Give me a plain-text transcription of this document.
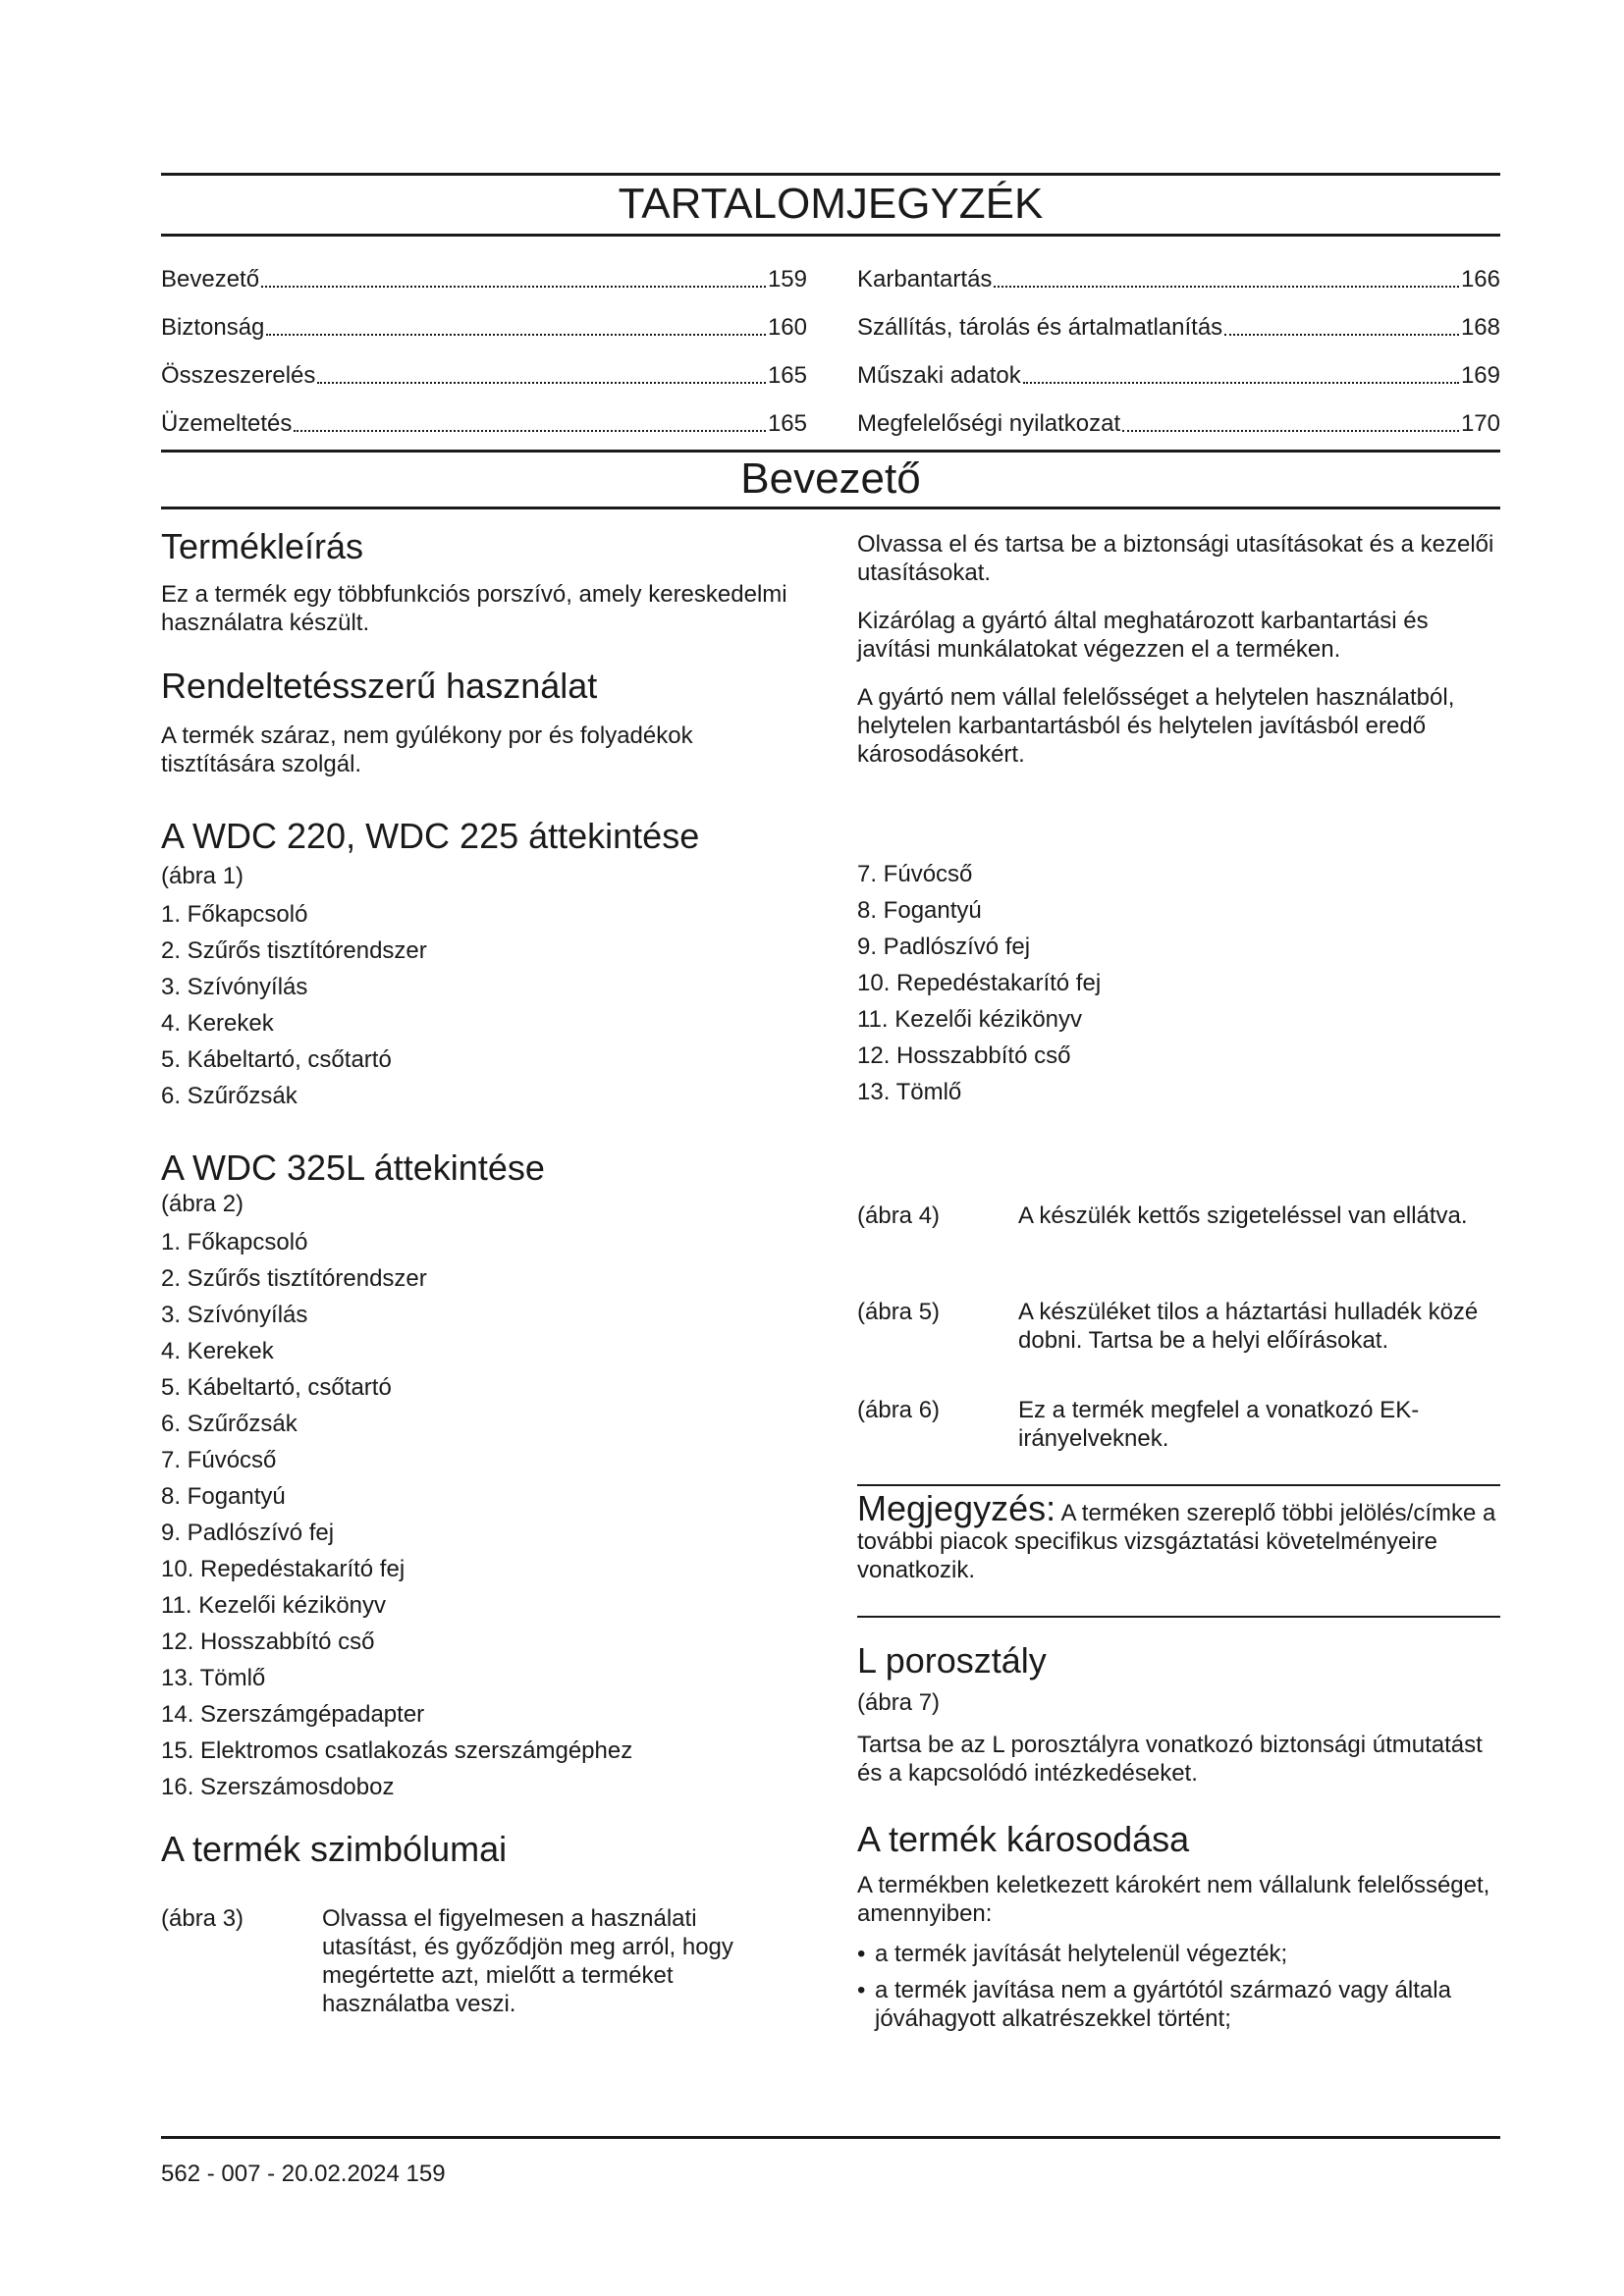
TARTALOMJEGYZÉK
Bevezető	159
Biztonság	160
Összeszerelés	165
Üzemeltetés	165
Karbantartás	166
Szállítás, tárolás és ártalmatlanítás	168
Műszaki adatok	169
Megfelelőségi nyilatkozat	170
Bevezető
Termékleírás

Ez a termék egy többfunkciós porszívó, amely kereskedelmi használatra készült.

Rendeltetésszerű használat

A termék száraz, nem gyúlékony por és folyadékok tisztítására szolgál.

A WDC 220, WDC 225 áttekintése

(ábra 1)

1. Főkapcsoló
2. Szűrős tisztítórendszer
3. Szívónyílás
4. Kerekek
5. Kábeltartó, csőtartó
6. Szűrőzsák
A WDC 325L áttekintése

(ábra 2)

1. Főkapcsoló
2. Szűrős tisztítórendszer
3. Szívónyílás
4. Kerekek
5. Kábeltartó, csőtartó
6. Szűrőzsák
7. Fúvócső
8. Fogantyú
9. Padlószívó fej
10. Repedéstakarító fej
11. Kezelői kézikönyv
12. Hosszabbító cső
13. Tömlő
14. Szerszámgépadapter
15. Elektromos csatlakozás szerszámgéphez
16. Szerszámosdoboz
A termék szimbólumai
(ábra 3)	Olvassa el figyelmesen a használati utasítást, és győződjön meg arról, hogy megértette azt, mielőtt a terméket használatba veszi.

Olvassa el és tartsa be a biztonsági utasításokat és a kezelői utasításokat.

Kizárólag a gyártó által meghatározott karbantartási és javítási munkálatokat végezzen el a terméken.

A gyártó nem vállal felelősséget a helytelen használatból, helytelen karbantartásból és helytelen javításból eredő károsodásokért.

7. Fúvócső
8. Fogantyú
9. Padlószívó fej
10. Repedéstakarító fej
11. Kezelői kézikönyv
12. Hosszabbító cső
13. Tömlő
(ábra 4)	A készülék kettős szigeteléssel van ellátva.
(ábra 5)	A készüléket tilos a háztartási hulladék közé dobni. Tartsa be a helyi előírásokat.
(ábra 6)	Ez a termék megfelel a vonatkozó EK-irányelveknek.

Megjegyzés: A terméken szereplő többi jelölés/címke a további piacok specifikus vizsgáztatási követelményeire vonatkozik.

L porosztály

(ábra 7)

Tartsa be az L porosztályra vonatkozó biztonsági útmutatást és a kapcsolódó intézkedéseket.

A termék károsodása

A termékben keletkezett károkért nem vállalunk felelősséget, amennyiben:

• a termék javítását helytelenül végezték;
• a termék javítása nem a gyártótól származó vagy általa jóváhagyott alkatrészekkel történt;
562 - 007 - 20.02.2024 159
